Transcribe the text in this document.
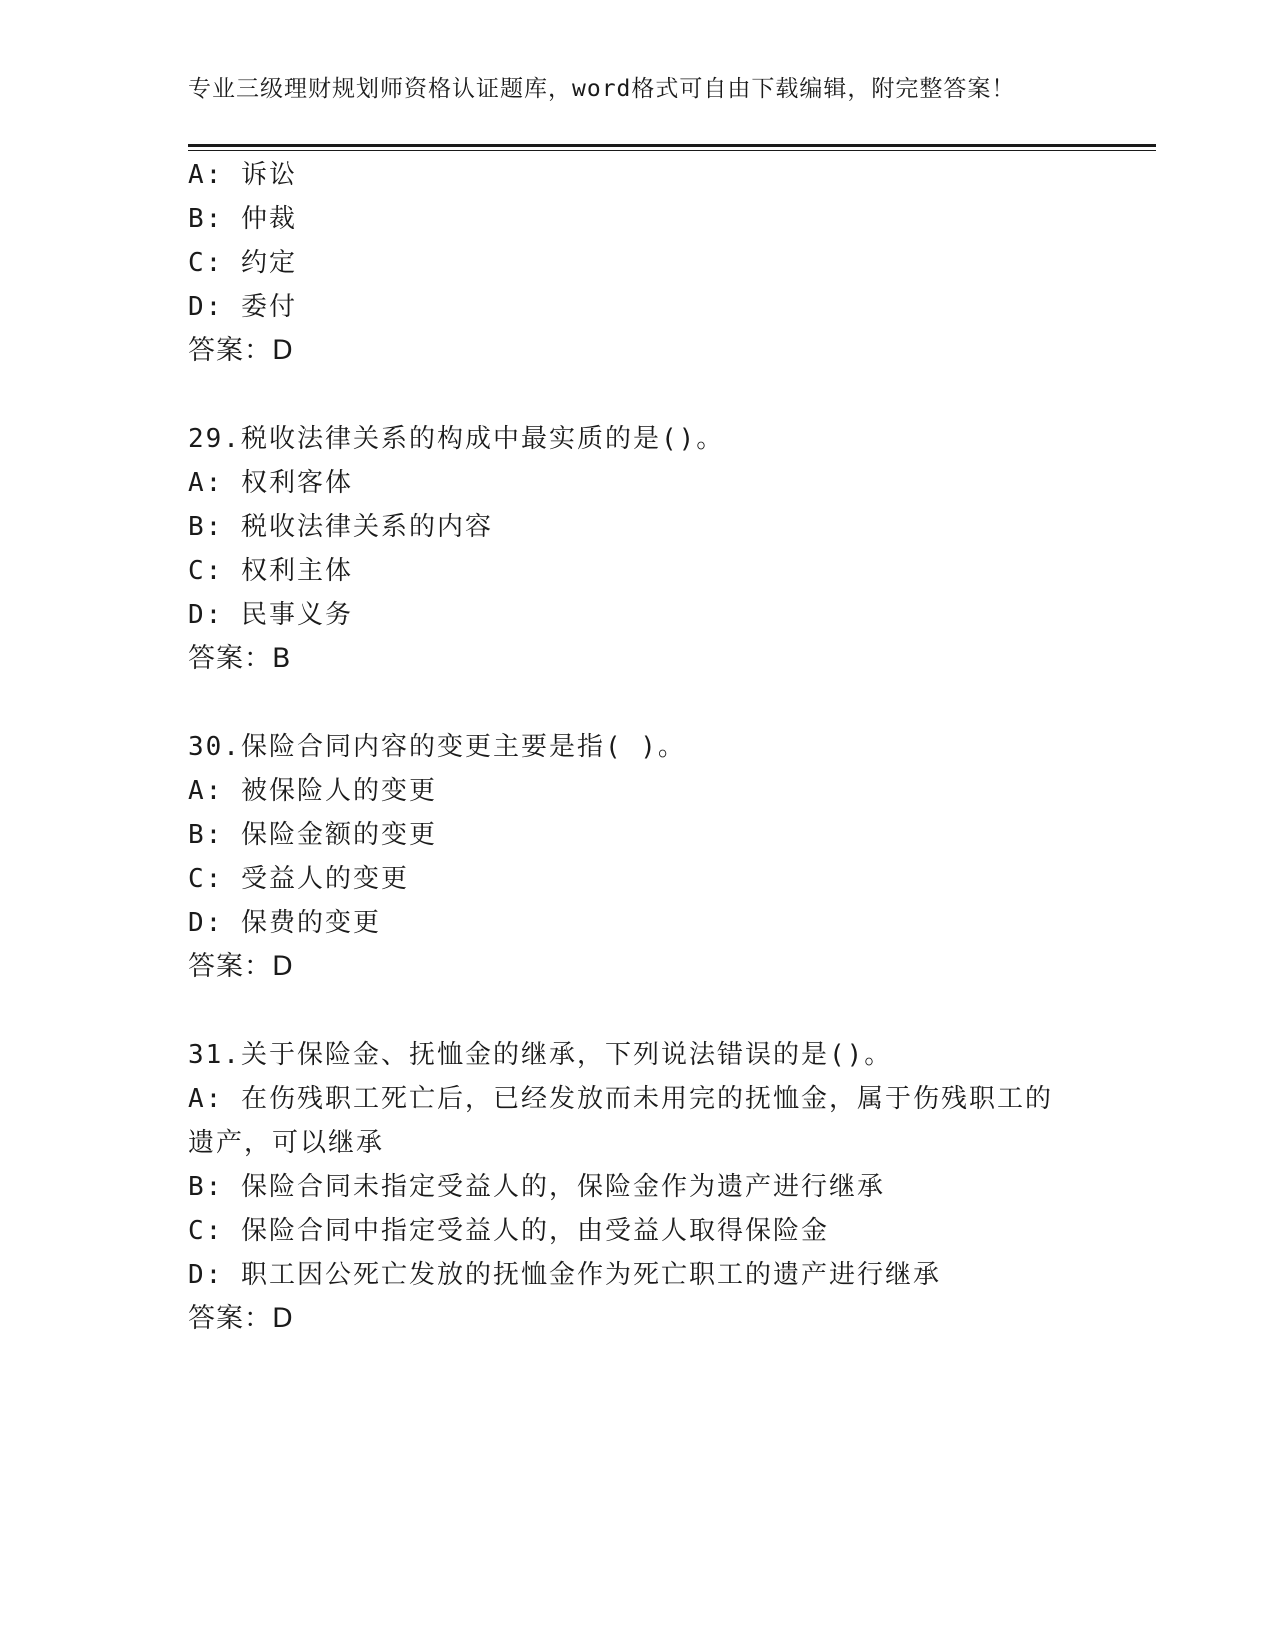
专业三级理财规划师资格认证题库，word格式可自由下载编辑，附完整答案！
A: 诉讼
B: 仲裁
C: 约定
D: 委付
答案：D
29.税收法律关系的构成中最实质的是()。
A: 权利客体
B: 税收法律关系的内容
C: 权利主体
D: 民事义务
答案：B
30.保险合同内容的变更主要是指( )。
A: 被保险人的变更
B: 保险金额的变更
C: 受益人的变更
D: 保费的变更
答案：D
31.关于保险金、抚恤金的继承，下列说法错误的是()。
A: 在伤残职工死亡后，已经发放而未用完的抚恤金，属于伤残职工的
遗产，可以继承
B: 保险合同未指定受益人的，保险金作为遗产进行继承
C: 保险合同中指定受益人的，由受益人取得保险金
D: 职工因公死亡发放的抚恤金作为死亡职工的遗产进行继承
答案：D
